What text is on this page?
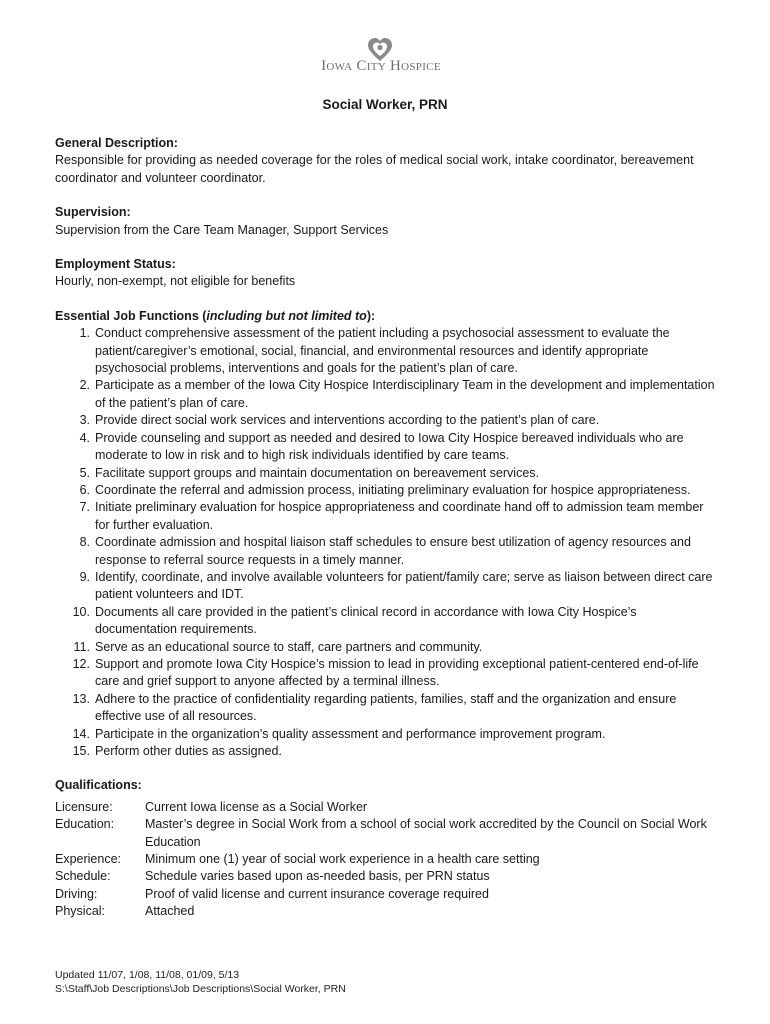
Iowa City Hospice
Social Worker, PRN
General Description:
Responsible for providing as needed coverage for the roles of medical social work, intake coordinator, bereavement coordinator and volunteer coordinator.
Supervision:
Supervision from the Care Team Manager, Support Services
Employment Status:
Hourly, non-exempt, not eligible for benefits
Essential Job Functions (including but not limited to):
1. Conduct comprehensive assessment of the patient including a psychosocial assessment to evaluate the patient/caregiver’s emotional, social, financial, and environmental resources and identify appropriate psychosocial problems, interventions and goals for the patient’s plan of care.
2. Participate as a member of the Iowa City Hospice Interdisciplinary Team in the development and implementation of the patient’s plan of care.
3. Provide direct social work services and interventions according to the patient’s plan of care.
4. Provide counseling and support as needed and desired to Iowa City Hospice bereaved individuals who are moderate to low in risk and to high risk individuals identified by care teams.
5. Facilitate support groups and maintain documentation on bereavement services.
6. Coordinate the referral and admission process, initiating preliminary evaluation for hospice appropriateness.
7. Initiate preliminary evaluation for hospice appropriateness and coordinate hand off to admission team member for further evaluation.
8. Coordinate admission and hospital liaison staff schedules to ensure best utilization of agency resources and response to referral source requests in a timely manner.
9. Identify, coordinate, and involve available volunteers for patient/family care; serve as liaison between direct care patient volunteers and IDT.
10. Documents all care provided in the patient’s clinical record in accordance with Iowa City Hospice’s documentation requirements.
11. Serve as an educational source to staff, care partners and community.
12. Support and promote Iowa City Hospice’s mission to lead in providing exceptional patient-centered end-of-life care and grief support to anyone affected by a terminal illness.
13. Adhere to the practice of confidentiality regarding patients, families, staff and the organization and ensure effective use of all resources.
14. Participate in the organization’s quality assessment and performance improvement program.
15. Perform other duties as assigned.
Qualifications:
Licensure:	Current Iowa license as a Social Worker
Education:	Master’s degree in Social Work from a school of social work accredited by the Council on Social Work Education
Experience:	Minimum one (1) year of social work experience in a health care setting
Schedule:	Schedule varies based upon as-needed basis, per PRN status
Driving:	Proof of valid license and current insurance coverage required
Physical:	Attached
Updated 11/07, 1/08, 11/08, 01/09, 5/13
S:\Staff\Job Descriptions\Job Descriptions\Social Worker, PRN
